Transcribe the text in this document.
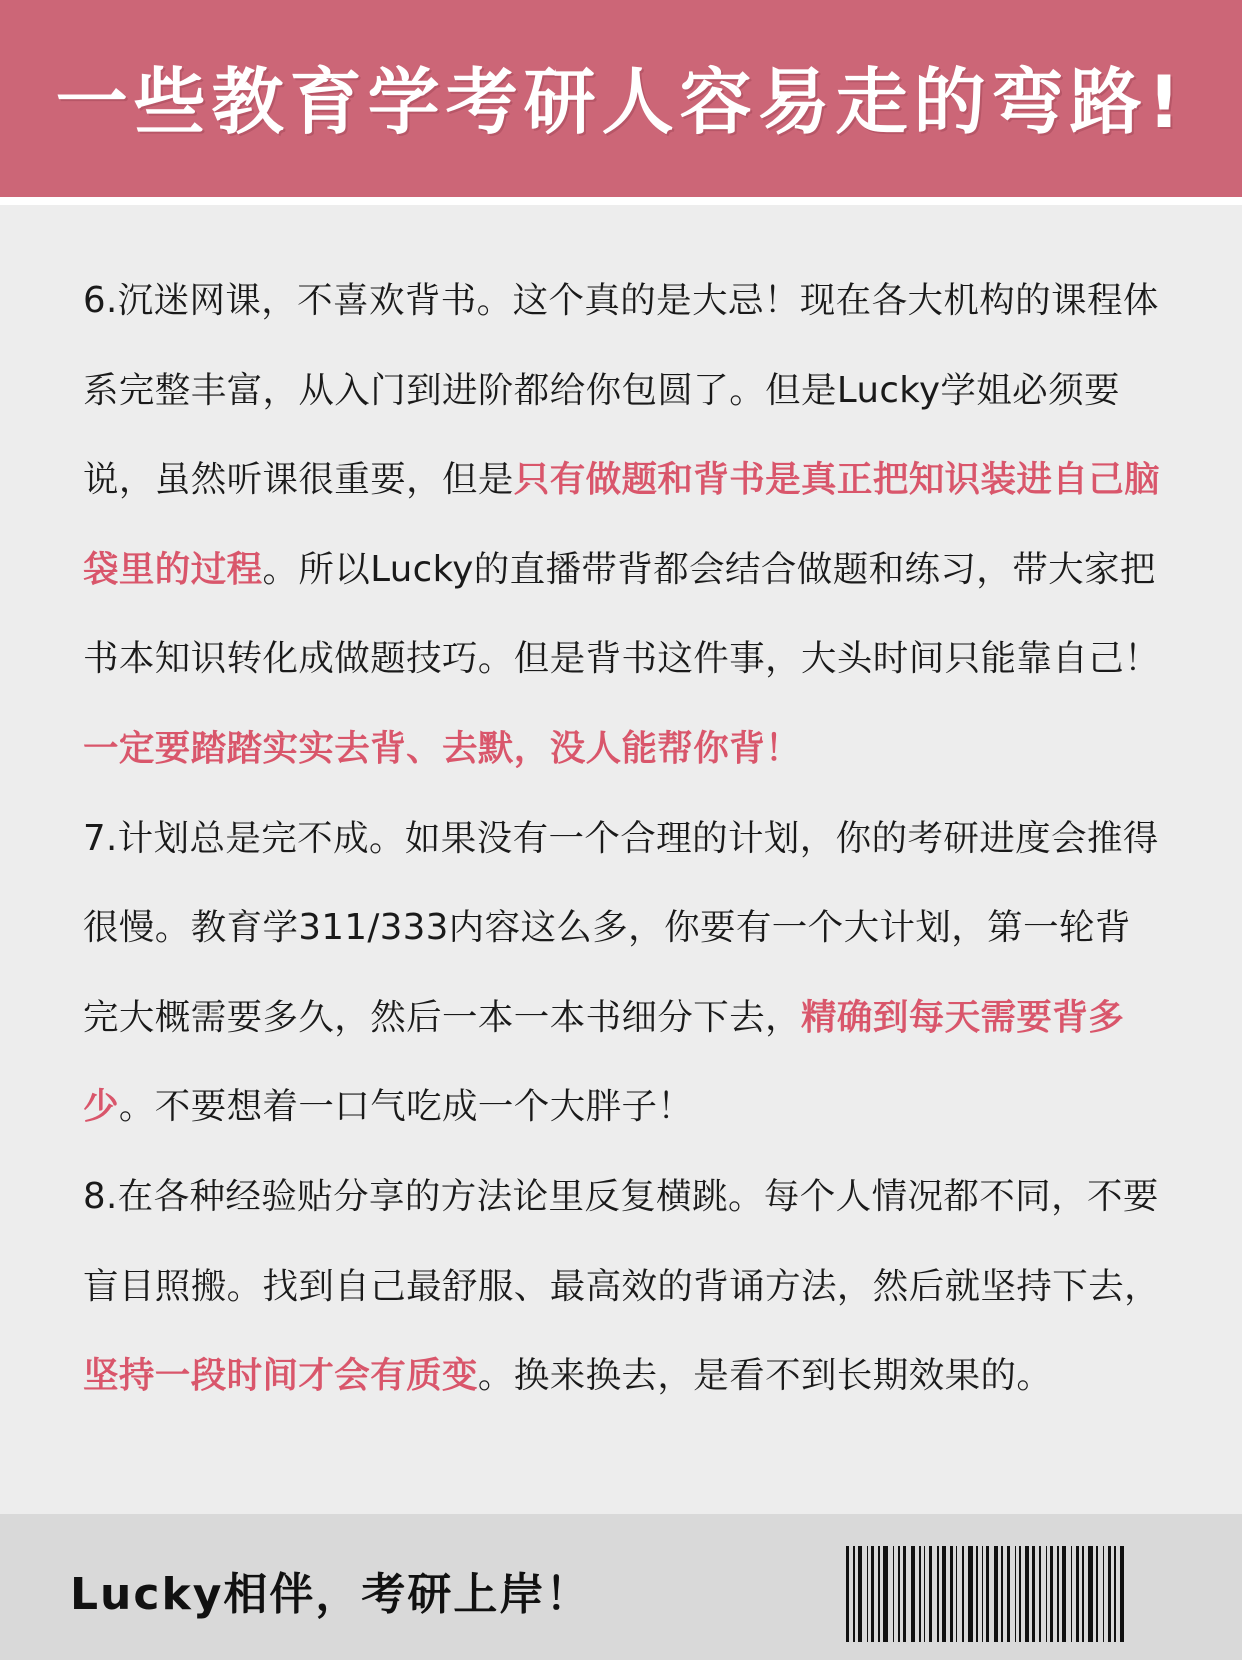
一些教育学考研人容易走的弯路!

6.沉迷网课，不喜欢背书。这个真的是大忌！现在各大机构的课程体系完整丰富，从入门到进阶都给你包圆了。但是Lucky学姐必须要说，虽然听课很重要，但是只有做题和背书是真正把知识装进自己脑袋里的过程。所以Lucky的直播带背都会结合做题和练习，带大家把书本知识转化成做题技巧。但是背书这件事，大头时间只能靠自己！一定要踏踏实实去背、去默，没人能帮你背！

7.计划总是完不成。如果没有一个合理的计划，你的考研进度会推得很慢。教育学311/333内容这么多，你要有一个大计划，第一轮背完大概需要多久，然后一本一本书细分下去，精确到每天需要背多少。不要想着一口气吃成一个大胖子！

8.在各种经验贴分享的方法论里反复横跳。每个人情况都不同，不要盲目照搬。找到自己最舒服、最高效的背诵方法，然后就坚持下去，坚持一段时间才会有质变。换来换去，是看不到长期效果的。

Lucky相伴，考研上岸！
